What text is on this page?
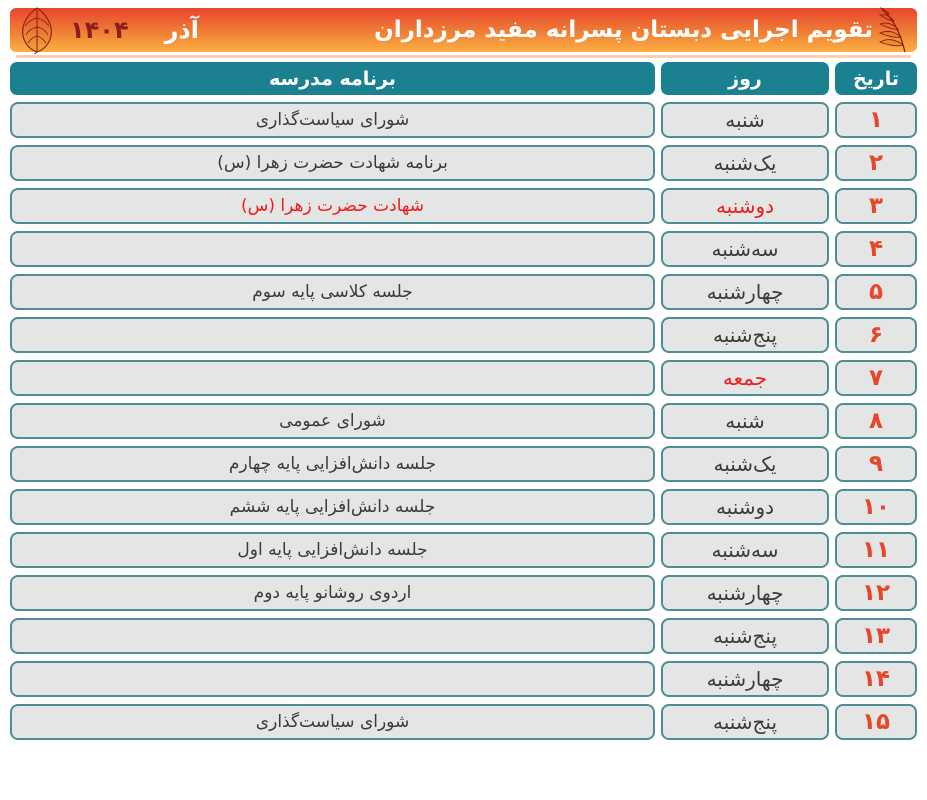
تقویم اجرایی دبستان پسرانه مفید مرزداران
آذر
۱۴۰۴
تاریخ
روز
برنامه مدرسه
۱
شنبه
شورای سیاست‌گذاری
۲
یک‌شنبه
برنامه شهادت حضرت زهرا (س)
۳
دوشنبه
شهادت حضرت زهرا (س)
۴
سه‌شنبه
۵
چهارشنبه
جلسه کلاسی پایه سوم
۶
پنج‌شنبه
۷
جمعه
۸
شنبه
شورای عمومی
۹
یک‌شنبه
جلسه دانش‌افزایی پایه چهارم
۱۰
دوشنبه
جلسه دانش‌افزایی پایه ششم
۱۱
سه‌شنبه
جلسه دانش‌افزایی پایه اول
۱۲
چهارشنبه
اردوی روشانو پایه دوم
۱۳
پنج‌شنبه
۱۴
چهارشنبه
۱۵
پنج‌شنبه
شورای سیاست‌گذاری
